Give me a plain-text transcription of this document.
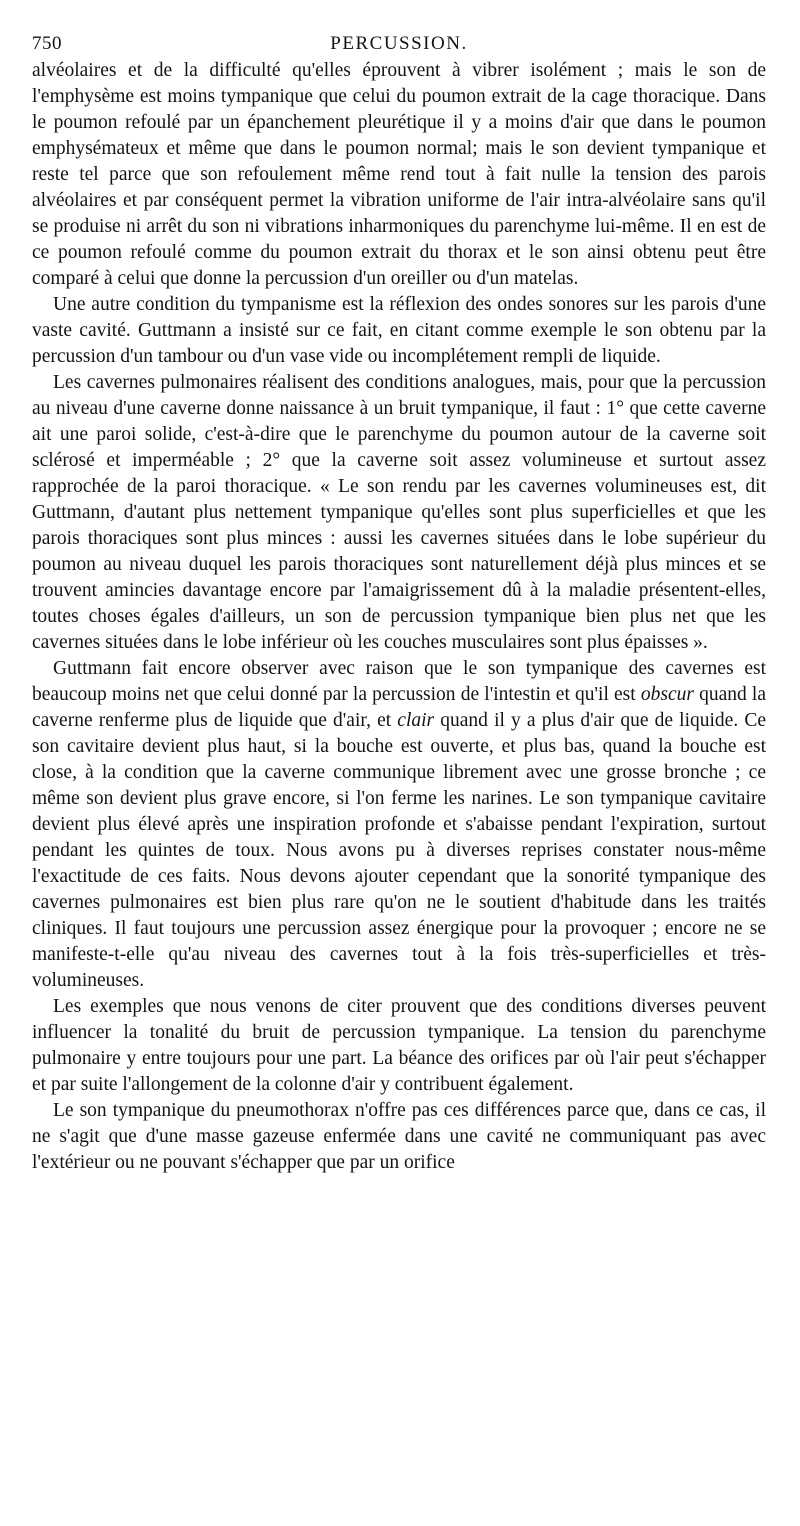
750	PERCUSSION.

alvéolaires et de la difficulté qu'elles éprouvent à vibrer isolément ; mais le son de l'emphysème est moins tympanique que celui du poumon extrait de la cage thoracique. Dans le poumon refoulé par un épanchement pleurétique il y a moins d'air que dans le poumon emphysémateux et même que dans le poumon normal; mais le son devient tympanique et reste tel parce que son refoulement même rend tout à fait nulle la tension des parois alvéolaires et par conséquent permet la vibration uniforme de l'air intra-alvéolaire sans qu'il se produise ni arrêt du son ni vibrations inharmoniques du parenchyme lui-même. Il en est de ce poumon refoulé comme du poumon extrait du thorax et le son ainsi obtenu peut être comparé à celui que donne la percussion d'un oreiller ou d'un matelas.

Une autre condition du tympanisme est la réflexion des ondes sonores sur les parois d'une vaste cavité. Guttmann a insisté sur ce fait, en citant comme exemple le son obtenu par la percussion d'un tambour ou d'un vase vide ou incomplétement rempli de liquide.

Les cavernes pulmonaires réalisent des conditions analogues, mais, pour que la percussion au niveau d'une caverne donne naissance à un bruit tympanique, il faut : 1° que cette caverne ait une paroi solide, c'est-à-dire que le parenchyme du poumon autour de la caverne soit sclérosé et imperméable ; 2° que la caverne soit assez volumineuse et surtout assez rapprochée de la paroi thoracique. « Le son rendu par les cavernes volumineuses est, dit Guttmann, d'autant plus nettement tympanique qu'elles sont plus superficielles et que les parois thoraciques sont plus minces : aussi les cavernes situées dans le lobe supérieur du poumon au niveau duquel les parois thoraciques sont naturellement déjà plus minces et se trouvent amincies davantage encore par l'amaigrissement dû à la maladie présentent-elles, toutes choses égales d'ailleurs, un son de percussion tympanique bien plus net que les cavernes situées dans le lobe inférieur où les couches musculaires sont plus épaisses ».

Guttmann fait encore observer avec raison que le son tympanique des cavernes est beaucoup moins net que celui donné par la percussion de l'intestin et qu'il est obscur quand la caverne renferme plus de liquide que d'air, et clair quand il y a plus d'air que de liquide. Ce son cavitaire devient plus haut, si la bouche est ouverte, et plus bas, quand la bouche est close, à la condition que la caverne communique librement avec une grosse bronche ; ce même son devient plus grave encore, si l'on ferme les narines. Le son tympanique cavitaire devient plus élevé après une inspiration profonde et s'abaisse pendant l'expiration, surtout pendant les quintes de toux. Nous avons pu à diverses reprises constater nous-même l'exactitude de ces faits. Nous devons ajouter cependant que la sonorité tympanique des cavernes pulmonaires est bien plus rare qu'on ne le soutient d'habitude dans les traités cliniques. Il faut toujours une percussion assez énergique pour la provoquer ; encore ne se manifeste-t-elle qu'au niveau des cavernes tout à la fois très-superficielles et très-volumineuses.

Les exemples que nous venons de citer prouvent que des conditions diverses peuvent influencer la tonalité du bruit de percussion tympanique. La tension du parenchyme pulmonaire y entre toujours pour une part. La béance des orifices par où l'air peut s'échapper et par suite l'allongement de la colonne d'air y contribuent également.

Le son tympanique du pneumothorax n'offre pas ces différences parce que, dans ce cas, il ne s'agit que d'une masse gazeuse enfermée dans une cavité ne communiquant pas avec l'extérieur ou ne pouvant s'échapper que par un orifice
